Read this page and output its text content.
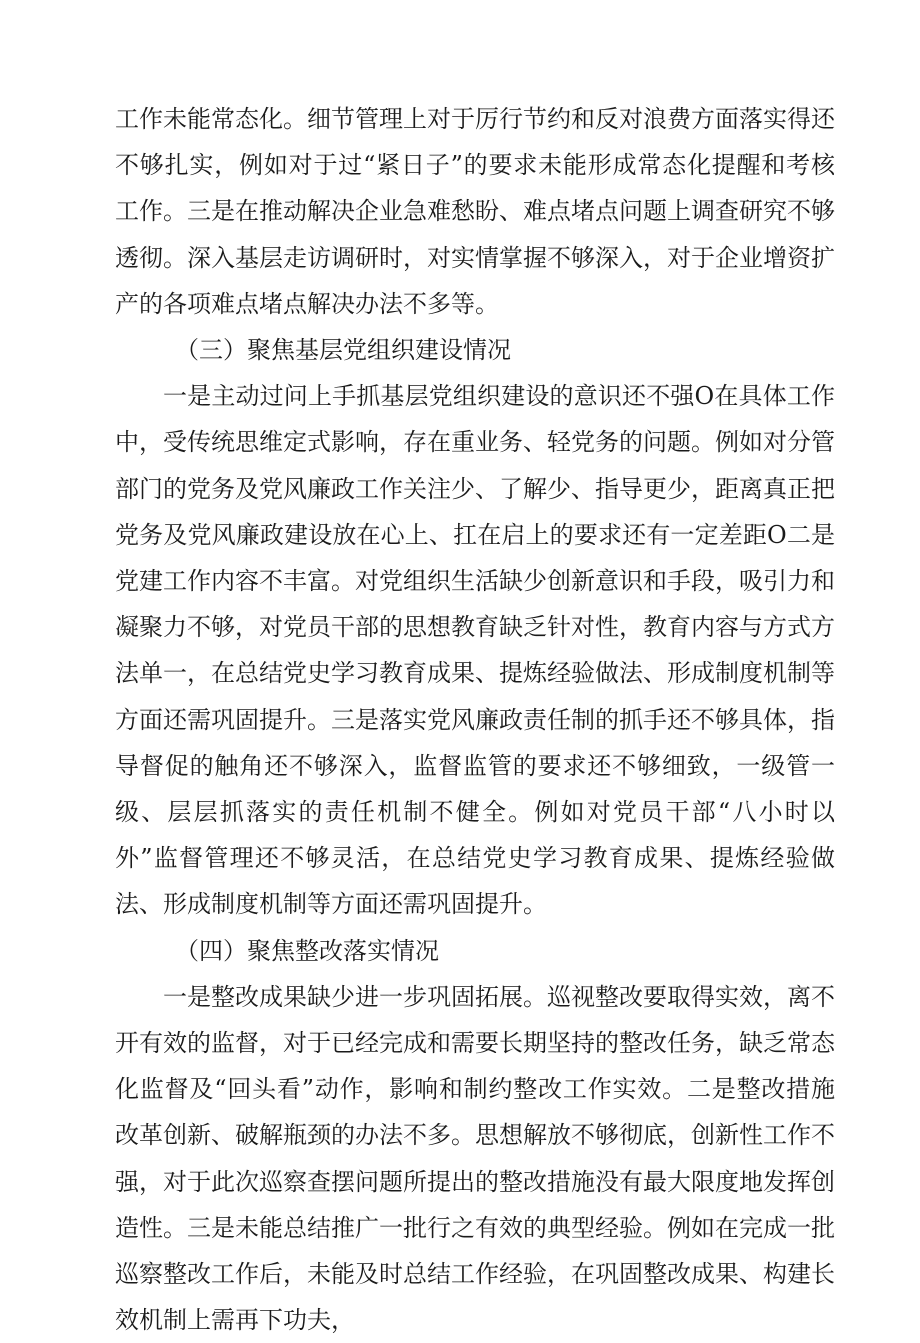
工作未能常态化。细节管理上对于厉行节约和反对浪费方面落实得还不够扎实，例如对于过“紧日子”的要求未能形成常态化提醒和考核工作。三是在推动解决企业急难愁盼、难点堵点问题上调查研究不够透彻。深入基层走访调研时，对实情掌握不够深入，对于企业增资扩产的各项难点堵点解决办法不多等。

（三）聚焦基层党组织建设情况

一是主动过问上手抓基层党组织建设的意识还不强O在具体工作中，受传统思维定式影响，存在重业务、轻党务的问题。例如对分管部门的党务及党风廉政工作关注少、了解少、指导更少，距离真正把党务及党风廉政建设放在心上、扛在启上的要求还有一定差距O二是党建工作内容不丰富。对党组织生活缺少创新意识和手段，吸引力和凝聚力不够，对党员干部的思想教育缺乏针对性，教育内容与方式方法单一，在总结党史学习教育成果、提炼经验做法、形成制度机制等方面还需巩固提升。三是落实党风廉政责任制的抓手还不够具体，指导督促的触角还不够深入，监督监管的要求还不够细致，一级管一级、层层抓落实的责任机制不健全。例如对党员干部“八小时以外”监督管理还不够灵活，在总结党史学习教育成果、提炼经验做法、形成制度机制等方面还需巩固提升。

（四）聚焦整改落实情况

一是整改成果缺少进一步巩固拓展。巡视整改要取得实效，离不开有效的监督，对于已经完成和需要长期坚持的整改任务，缺乏常态化监督及“回头看”动作，影响和制约整改工作实效。二是整改措施改革创新、破解瓶颈的办法不多。思想解放不够彻底，创新性工作不强，对于此次巡察查摆问题所提出的整改措施没有最大限度地发挥创造性。三是未能总结推广一批行之有效的典型经验。例如在完成一批巡察整改工作后，未能及时总结工作经验，在巩固整改成果、构建长效机制上需再下功夫，
